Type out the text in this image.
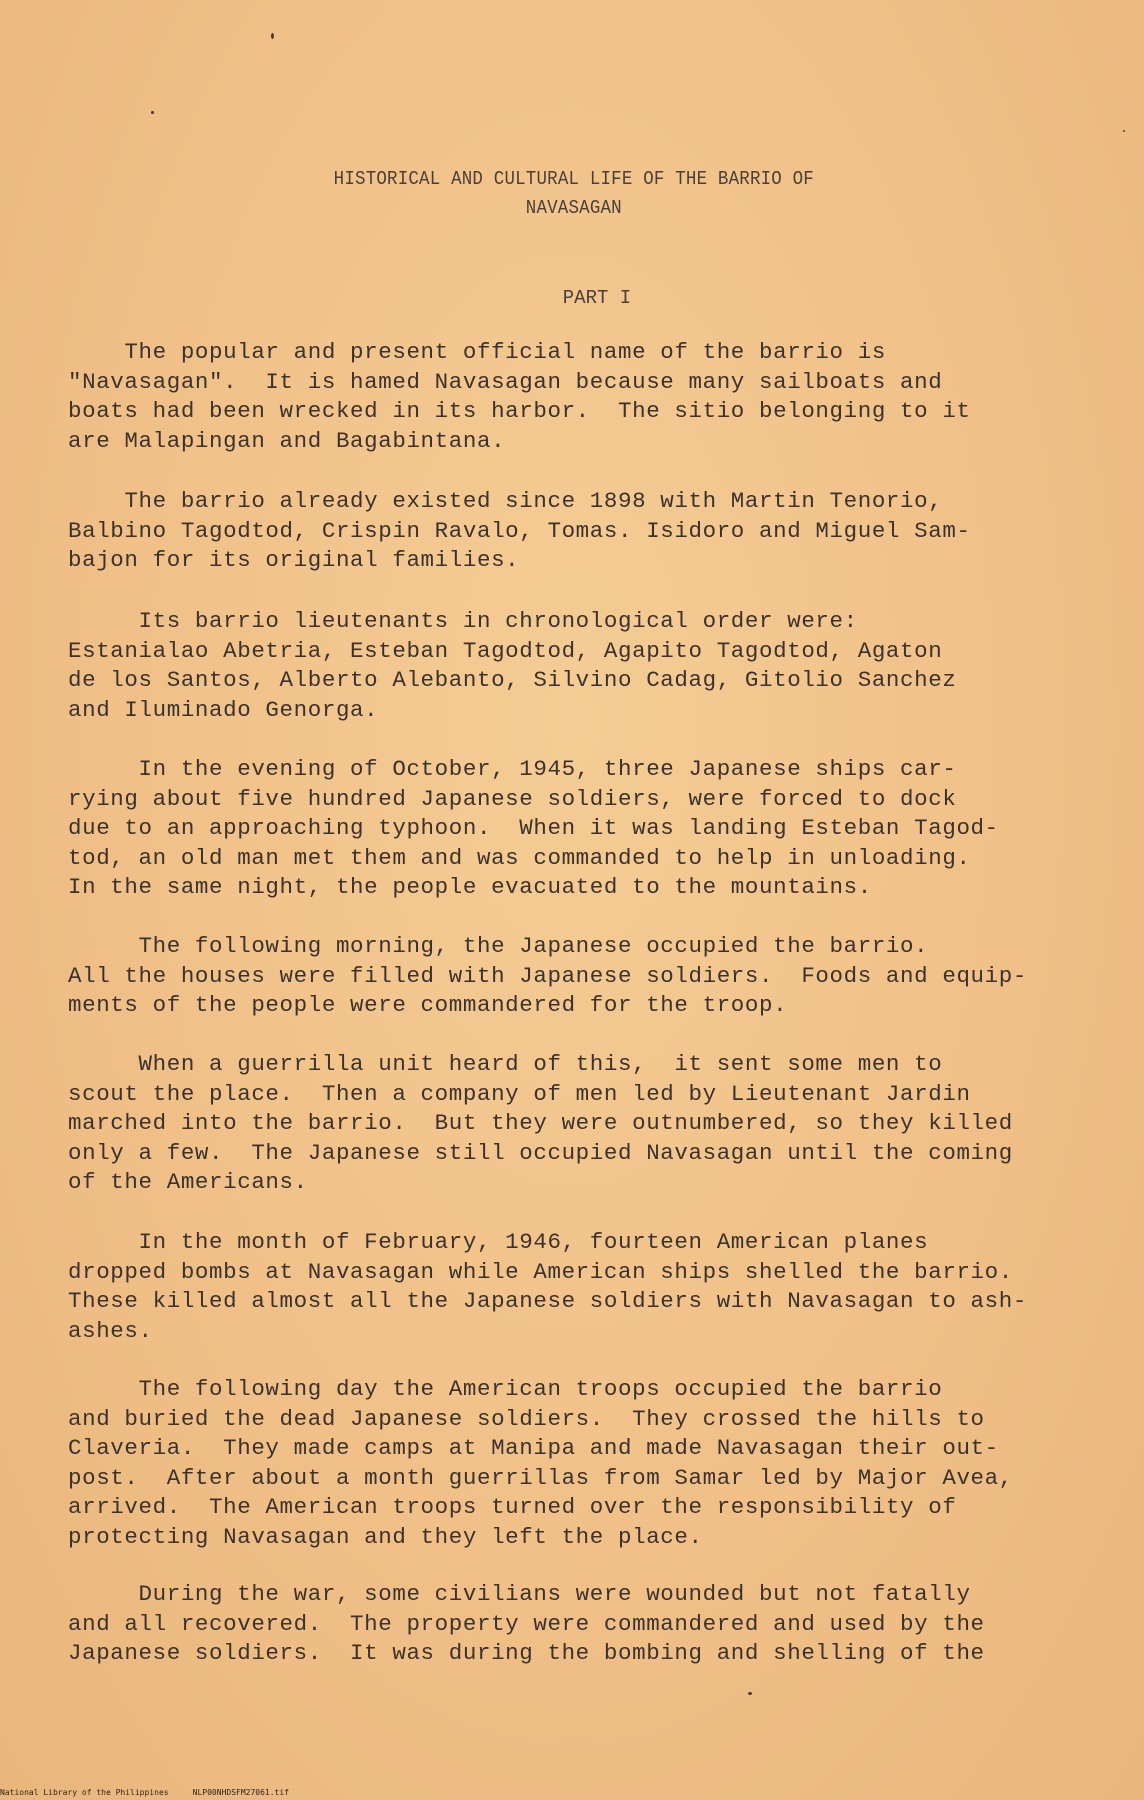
HISTORICAL AND CULTURAL LIFE OF THE BARRIO OF
NAVASAGAN
PART I
The popular and present official name of the barrio is
"Navasagan".  It is hamed Navasagan because many sailboats and
boats had been wrecked in its harbor.  The sitio belonging to it
are Malapingan and Bagabintana.
The barrio already existed since 1898 with Martin Tenorio,
Balbino Tagodtod, Crispin Ravalo, Tomas. Isidoro and Miguel Sam-
bajon for its original families.
Its barrio lieutenants in chronological order were:
Estanialao Abetria, Esteban Tagodtod, Agapito Tagodtod, Agaton
de los Santos, Alberto Alebanto, Silvino Cadag, Gitolio Sanchez
and Iluminado Genorga.
In the evening of October, 1945, three Japanese ships car-
rying about five hundred Japanese soldiers, were forced to dock
due to an approaching typhoon.  When it was landing Esteban Tagod-
tod, an old man met them and was commanded to help in unloading.
In the same night, the people evacuated to the mountains.
The following morning, the Japanese occupied the barrio.
All the houses were filled with Japanese soldiers.  Foods and equip-
ments of the people were commandered for the troop.
When a guerrilla unit heard of this,  it sent some men to
scout the place.  Then a company of men led by Lieutenant Jardin
marched into the barrio.  But they were outnumbered, so they killed
only a few.  The Japanese still occupied Navasagan until the coming
of the Americans.
In the month of February, 1946, fourteen American planes
dropped bombs at Navasagan while American ships shelled the barrio.
These killed almost all the Japanese soldiers with Navasagan to ash-
ashes.
The following day the American troops occupied the barrio
and buried the dead Japanese soldiers.  They crossed the hills to
Claveria.  They made camps at Manipa and made Navasagan their out-
post.  After about a month guerrillas from Samar led by Major Avea,
arrived.  The American troops turned over the responsibility of
protecting Navasagan and they left the place.
During the war, some civilians were wounded but not fatally
and all recovered.  The property were commandered and used by the
Japanese soldiers.  It was during the bombing and shelling of the
National Library of the Philippines     NLP00NHDSFM27061.tif
